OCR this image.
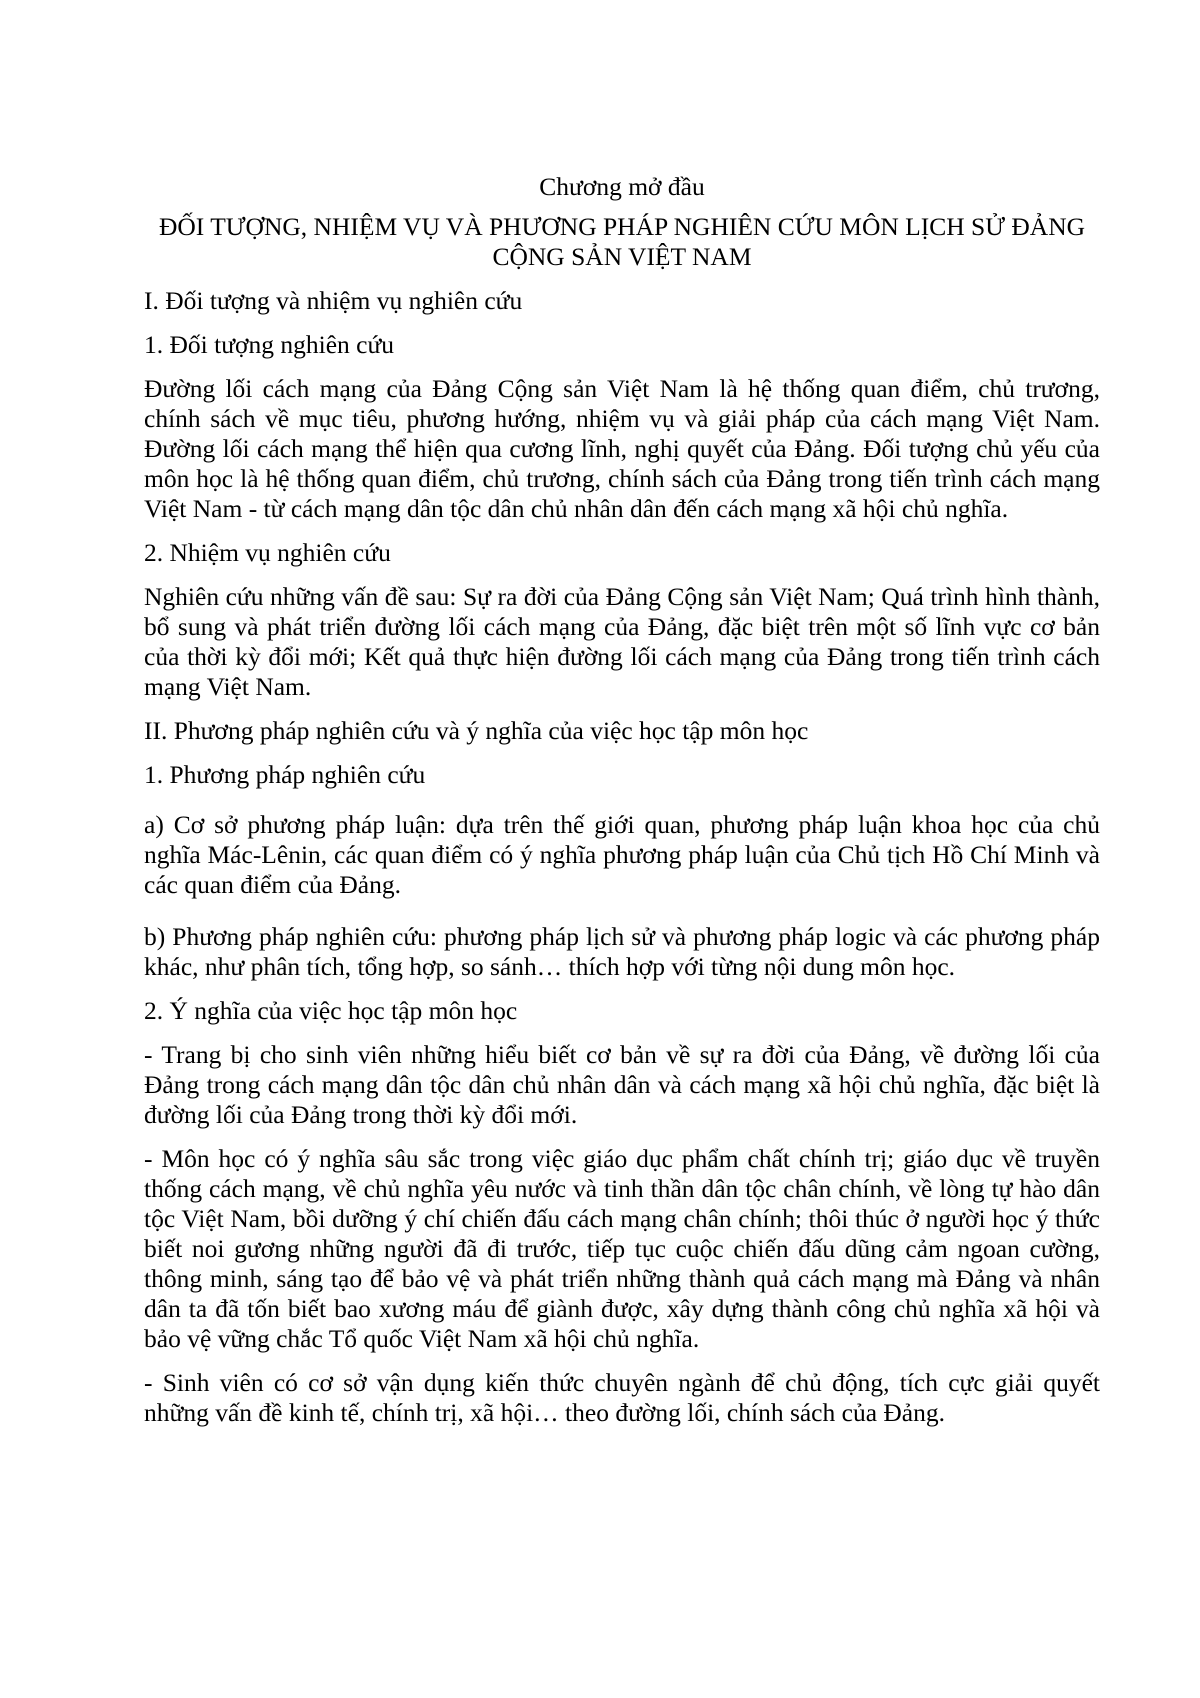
Chương mở đầu

ĐỐI TƯỢNG, NHIỆM VỤ VÀ PHƯƠNG PHÁP NGHIÊN CỨU MÔN LỊCH SỬ ĐẢNG
CỘNG SẢN VIỆT NAM

I. Đối tượng và nhiệm vụ nghiên cứu

1. Đối tượng nghiên cứu

Đường lối cách mạng của Đảng Cộng sản Việt Nam là hệ thống quan điểm, chủ trương, chính sách về mục tiêu, phương hướng, nhiệm vụ và giải pháp của cách mạng Việt Nam. Đường lối cách mạng thể hiện qua cương lĩnh, nghị quyết của Đảng. Đối tượng chủ yếu của môn học là hệ thống quan điểm, chủ trương, chính sách của Đảng trong tiến trình cách mạng Việt Nam - từ cách mạng dân tộc dân chủ nhân dân đến cách mạng xã hội chủ nghĩa.

2. Nhiệm vụ nghiên cứu

Nghiên cứu những vấn đề sau: Sự ra đời của Đảng Cộng sản Việt Nam; Quá trình hình thành, bổ sung và phát triển đường lối cách mạng của Đảng, đặc biệt trên một số lĩnh vực cơ bản của thời kỳ đổi mới; Kết quả thực hiện đường lối cách mạng của Đảng trong tiến trình cách mạng Việt Nam.

II. Phương pháp nghiên cứu và ý nghĩa của việc học tập môn học

1. Phương pháp nghiên cứu

a) Cơ sở phương pháp luận: dựa trên thế giới quan, phương pháp luận khoa học của chủ nghĩa Mác-Lênin, các quan điểm có ý nghĩa phương pháp luận của Chủ tịch Hồ Chí Minh và các quan điểm của Đảng.

b) Phương pháp nghiên cứu: phương pháp lịch sử và phương pháp logic và các phương pháp khác, như phân tích, tổng hợp, so sánh… thích hợp với từng nội dung môn học.

2. Ý nghĩa của việc học tập môn học

- Trang bị cho sinh viên những hiểu biết cơ bản về sự ra đời của Đảng, về đường lối của Đảng trong cách mạng dân tộc dân chủ nhân dân và cách mạng xã hội chủ nghĩa, đặc biệt là đường lối của Đảng trong thời kỳ đổi mới.

- Môn học có ý nghĩa sâu sắc trong việc giáo dục phẩm chất chính trị; giáo dục về truyền thống cách mạng, về chủ nghĩa yêu nước và tinh thần dân tộc chân chính, về lòng tự hào dân tộc Việt Nam, bồi dưỡng ý chí chiến đấu cách mạng chân chính; thôi thúc ở người học ý thức biết noi gương những người đã đi trước, tiếp tục cuộc chiến đấu dũng cảm ngoan cường, thông minh, sáng tạo để bảo vệ và phát triển những thành quả cách mạng mà Đảng và nhân dân ta đã tốn biết bao xương máu để giành được, xây dựng thành công chủ nghĩa xã hội và bảo vệ vững chắc Tổ quốc Việt Nam xã hội chủ nghĩa.

- Sinh viên có cơ sở vận dụng kiến thức chuyên ngành để chủ động, tích cực giải quyết những vấn đề kinh tế, chính trị, xã hội… theo đường lối, chính sách của Đảng.
